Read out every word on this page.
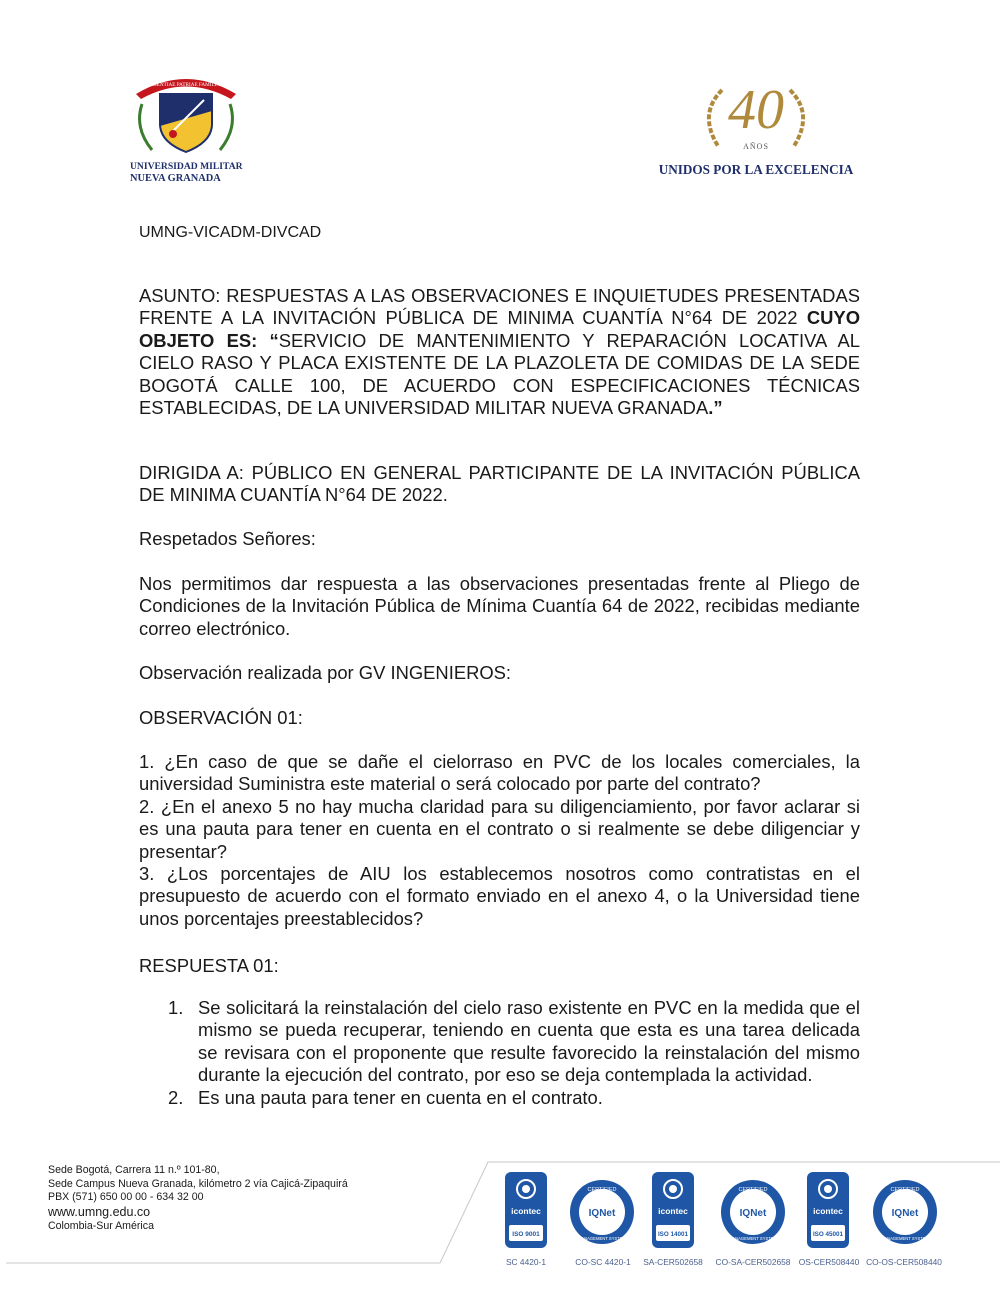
SCIENTIAE PATRIAE FAMILIAE
UNIVERSIDAD MILITAR
NUEVA GRANADA
40
AÑOS
UNIDOS POR LA EXCELENCIA
UMNG-VICADM-DIVCAD
ASUNTO: RESPUESTAS A LAS OBSERVACIONES E INQUIETUDES PRESENTADAS FRENTE A LA INVITACIÓN PÚBLICA DE MINIMA CUANTÍA N°64 DE 2022 CUYO OBJETO ES: “SERVICIO DE MANTENIMIENTO Y REPARACIÓN LOCATIVA AL CIELO RASO Y PLACA EXISTENTE DE LA PLAZOLETA DE COMIDAS DE LA SEDE BOGOTÁ CALLE 100, DE ACUERDO CON ESPECIFICACIONES TÉCNICAS ESTABLECIDAS, DE LA UNIVERSIDAD MILITAR NUEVA GRANADA.”
DIRIGIDA A: PÚBLICO EN GENERAL PARTICIPANTE DE LA INVITACIÓN PÚBLICA DE MINIMA CUANTÍA N°64 DE 2022.
Respetados Señores:
Nos permitimos dar respuesta a las observaciones presentadas frente al Pliego de Condiciones de la Invitación Pública de Mínima Cuantía 64 de 2022, recibidas mediante correo electrónico.
Observación realizada por GV INGENIEROS:
OBSERVACIÓN 01:
1. ¿En caso de que se dañe el cielorraso en PVC de los locales comerciales, la universidad Suministra este material o será colocado por parte del contrato?
2. ¿En el anexo 5 no hay mucha claridad para su diligenciamiento, por favor aclarar si es una pauta para tener en cuenta en el contrato o si realmente se debe diligenciar y presentar?
3. ¿Los porcentajes de AIU los establecemos nosotros como contratistas en el presupuesto de acuerdo con el formato enviado en el anexo 4, o la Universidad tiene unos porcentajes preestablecidos?
RESPUESTA 01:
1. Se solicitará la reinstalación del cielo raso existente en PVC en la medida que el mismo se pueda recuperar, teniendo en cuenta que esta es una tarea delicada se revisara con el proponente que resulte favorecido la reinstalación del mismo durante la ejecución del contrato, por eso se deja contemplada la actividad.
2. Es una pauta para tener en cuenta en el contrato.
Sede Bogotá, Carrera 11 n.º 101-80,
Sede Campus Nueva Granada, kilómetro 2 vía Cajicá-Zipaquirá
PBX (571) 650 00 00 - 634 32 00
www.umng.edu.co
Colombia-Sur América
icontec
ISO 9001
SC 4420-1
CERTIFIED
IQNet
MANAGEMENT SYSTEM
CO-SC 4420-1
icontec
ISO 14001
SA-CER502658
CERTIFIED
IQNet
MANAGEMENT SYSTEM
CO-SA-CER502658
icontec
ISO 45001
OS-CER508440
CERTIFIED
IQNet
MANAGEMENT SYSTEM
CO-OS-CER508440
